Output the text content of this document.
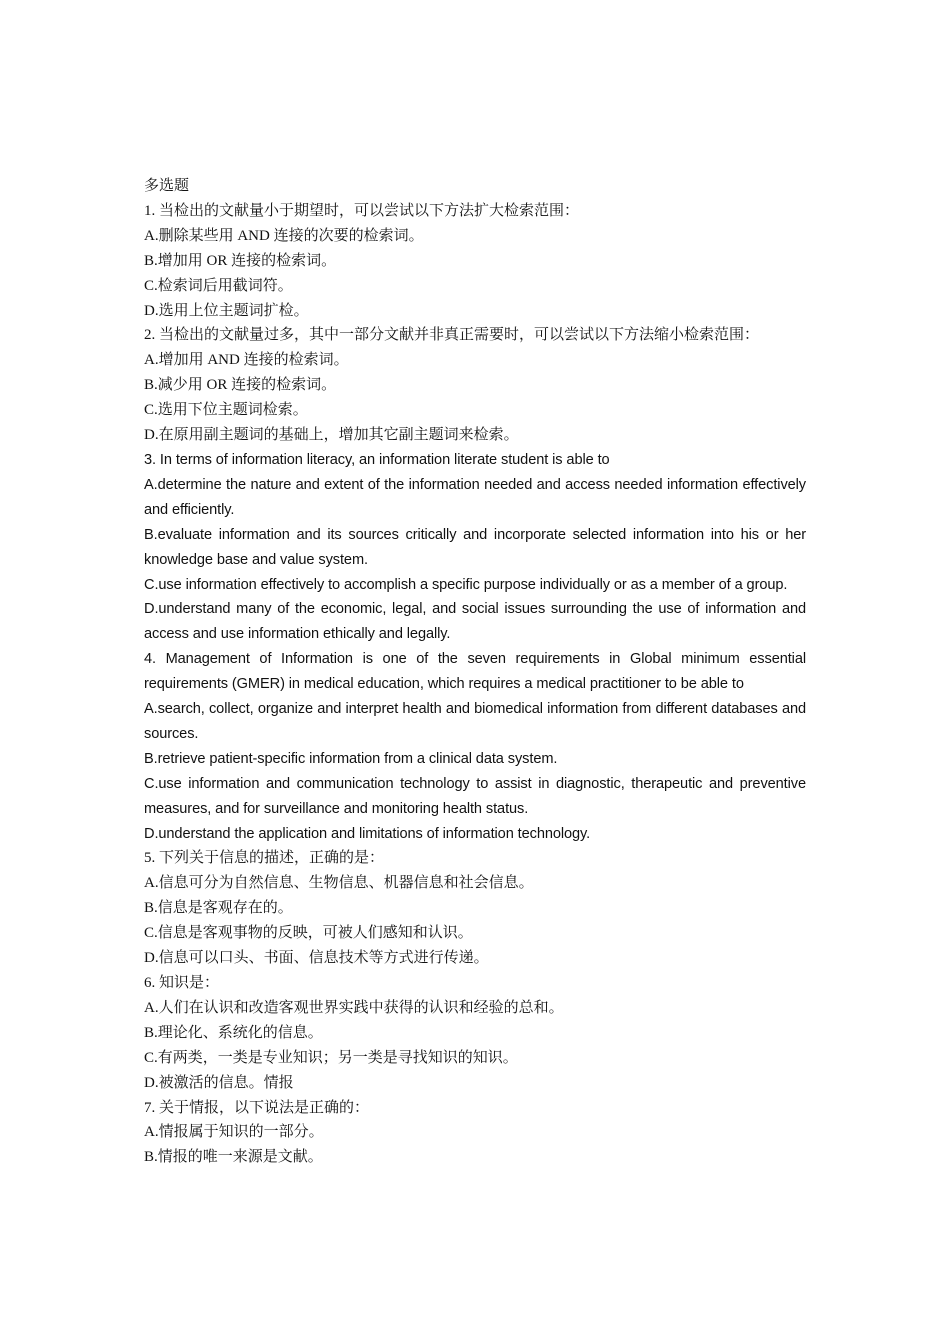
多选题

1. 当检出的文献量小于期望时，可以尝试以下方法扩大检索范围：

A.删除某些用 AND 连接的次要的检索词。

B.增加用 OR 连接的检索词。

C.检索词后用截词符。

D.选用上位主题词扩检。

2. 当检出的文献量过多，其中一部分文献并非真正需要时，可以尝试以下方法缩小检索范围：

A.增加用 AND 连接的检索词。

B.减少用 OR 连接的检索词。

C.选用下位主题词检索。

D.在原用副主题词的基础上，增加其它副主题词来检索。

3. In terms of information literacy, an information literate student is able to

A.determine the nature and extent of the information needed and access needed information effectively and efficiently.

B.evaluate information and its sources critically and incorporate selected information into his or her knowledge base and value system.

C.use information effectively to accomplish a specific purpose individually or as a member of a group.

D.understand many of the economic, legal, and social issues surrounding the use of information and access and use information ethically and legally.

4. Management of Information is one of the seven requirements in Global minimum essential requirements (GMER) in medical education, which requires a medical practitioner to be able to

A.search, collect, organize and interpret health and biomedical information from different databases and sources.

B.retrieve patient-specific information from a clinical data system.

C.use information and communication technology to assist in diagnostic, therapeutic and preventive measures, and for surveillance and monitoring health status.

D.understand the application and limitations of information technology.

5. 下列关于信息的描述，正确的是：

A.信息可分为自然信息、生物信息、机器信息和社会信息。

B.信息是客观存在的。

C.信息是客观事物的反映，可被人们感知和认识。

D.信息可以口头、书面、信息技术等方式进行传递。

6. 知识是：

A.人们在认识和改造客观世界实践中获得的认识和经验的总和。

B.理论化、系统化的信息。

C.有两类，一类是专业知识；另一类是寻找知识的知识。

D.被激活的信息。情报

7. 关于情报，以下说法是正确的：

A.情报属于知识的一部分。

B.情报的唯一来源是文献。
